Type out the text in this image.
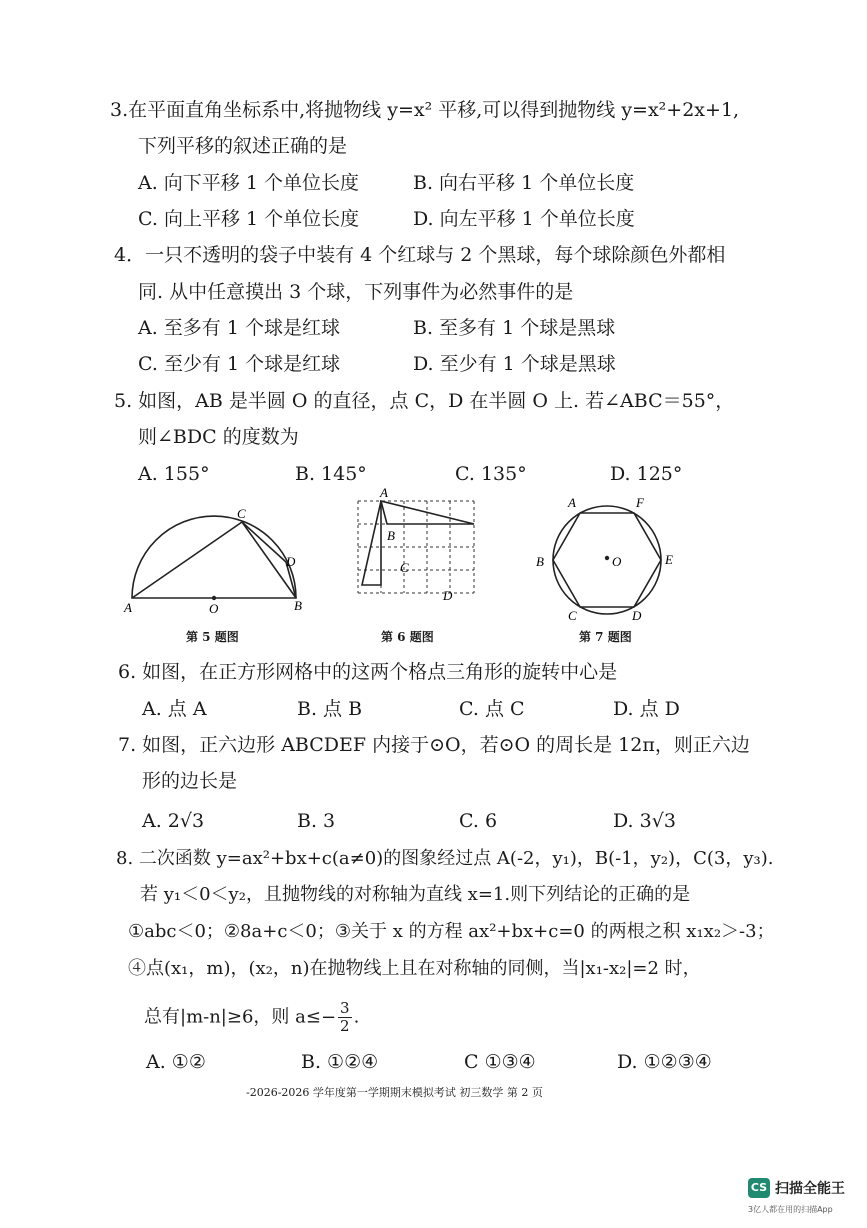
3.在平面直角坐标系中,将抛物线 y=x² 平移,可以得到抛物线 y=x²+2x+1,
下列平移的叙述正确的是
A. 向下平移 1 个单位长度	B. 向右平移 1 个单位长度
C. 向上平移 1 个单位长度	D. 向左平移 1 个单位长度
4．一只不透明的袋子中装有 4 个红球与 2 个黑球，每个球除颜色外都相
同. 从中任意摸出 3 个球，下列事件为必然事件的是
A. 至多有 1 个球是红球	B. 至多有 1 个球是黑球
C. 至少有 1 个球是红球	D. 至少有 1 个球是黑球
5. 如图，AB 是半圆 O 的直径，点 C，D 在半圆 O 上. 若∠ABC＝55°，
则∠BDC 的度数为
A. 155°	B. 145°	C. 135°	D. 125°
A	B
C
D
O
第 5 题图
A
B
C
D
第 6 题图
A	F
B	E
C	D
O
第 7 题图
6. 如图，在正方形网格中的这两个格点三角形的旋转中心是
A. 点 A	B. 点 B	C. 点 C	D. 点 D
7. 如图，正六边形 ABCDEF 内接于⊙O，若⊙O 的周长是 12π，则正六边
形的边长是
A. 2√3	B. 3	C. 6	D. 3√3
8. 二次函数 y=ax²+bx+c(a≠0)的图象经过点 A(-2，y₁)，B(-1，y₂)，C(3，y₃).
若 y₁＜0＜y₂，且抛物线的对称轴为直线 x=1.则下列结论的正确的是
①abc＜0；②8a+c＜0；③关于 x 的方程 ax²+bx+c=0 的两根之积 x₁x₂＞-3；
④点(x₁，m)，(x₂，n)在抛物线上且在对称轴的同侧，当|x₁-x₂|=2 时，
总有|m-n|≥6，则 $a\le- \frac{3}{2}$ .
A. ①②	B. ①②④	C ①③④	D. ①②③④
-2026-2026 学年度第一学期期末模拟考试 初三数学 第 2 页
CS 扫描全能王
3亿人都在用的扫描App
